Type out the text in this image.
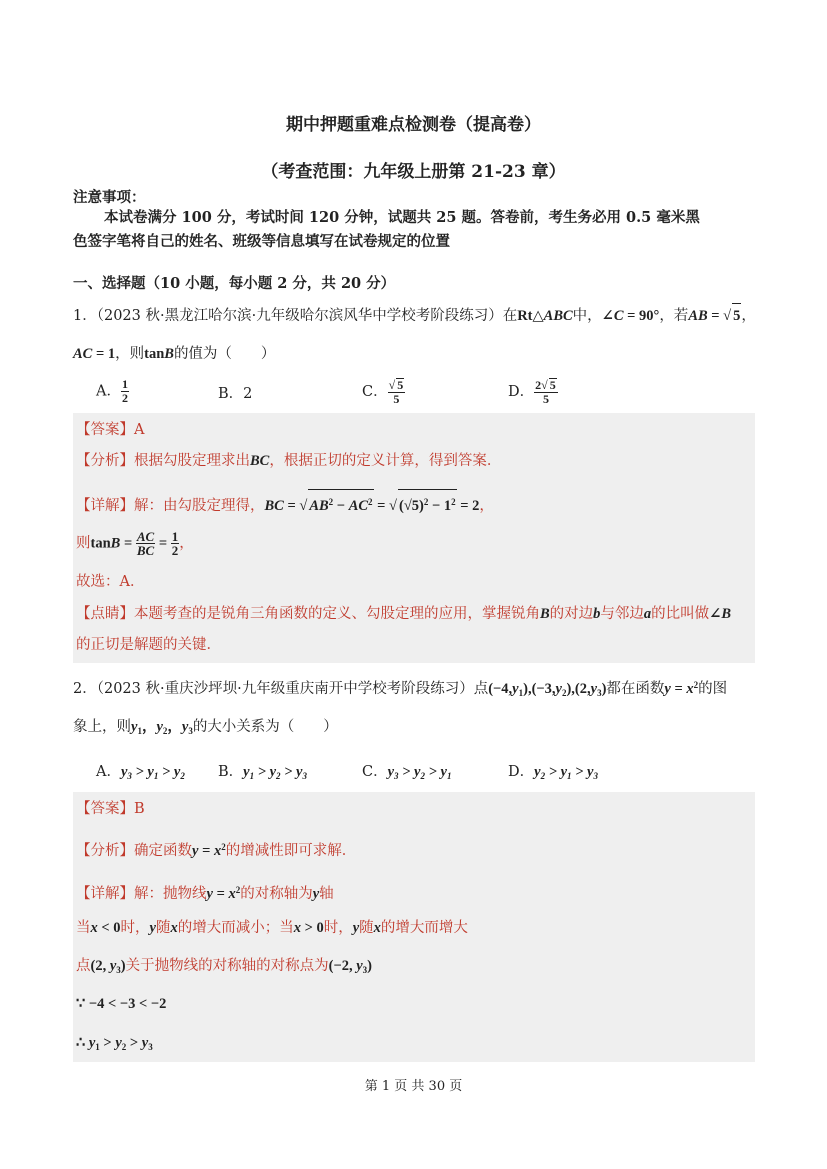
期中押题重难点检测卷（提高卷）
（考查范围：九年级上册第 21-23 章）
注意事项：
本试卷满分 100 分，考试时间 120 分钟，试题共 25 题。答卷前，考生务必用 0.5 毫米黑
色签字笔将自己的姓名、班级等信息填写在试卷规定的位置
一、选择题（10 小题，每小题 2 分，共 20 分）
1．（2023 秋·黑龙江哈尔滨·九年级哈尔滨风华中学校考阶段练习）在Rt△ABC中，∠C = 90°，若AB = √ 5，
AC = 1，则tanB的值为（　　）
A． $\frac{1}{2}$	B．2	C． $\frac{√ 5}{5}$	D． $\frac{2√ 5}{5}$
【答案】A
【分析】根据勾股定理求出BC，根据正切的定义计算，得到答案．
【详解】解：由勾股定理得，BC = √ $AB^2 - AC^2$ = √ $(√5)^2 - 1^2 = 2$，
则$\tan B = \frac{AC}{BC} = \frac{1}{2}$ ，
故选：A．
【点睛】本题考查的是锐角三角函数的定义、勾股定理的应用，掌握锐角B的对边b与邻边a的比叫做∠B
的正切是解题的关键．
2．（2023 秋·重庆沙坪坝·九年级重庆南开中学校考阶段练习）点$(-4,y_1),(-3,y_2),(2,y_3)$都在函数$y = x^2$的图
象上，则$y_1$，$y_2$，$y_3$的大小关系为（　　）
A．$y_3 > y_1 > y_2$ B．$y_1 > y_2 > y_3$	C．$y_3 > y_2 > y_1$	D．$y_2 > y_1 > y_3$
【答案】B
【分析】确定函数$y = x^2$的增减性即可求解．
【详解】解：抛物线$y = x^2$的对称轴为y轴
当x < 0时，y随x的增大而减小；当x > 0时，y随x的增大而增大
点(2, $y_3$)关于抛物线的对称轴的对称点为(−2, $y_3$)
∵ −4 < −3 < −2
∴ $y_1 > y_2 > y_3$
第 1 页 共 30 页
